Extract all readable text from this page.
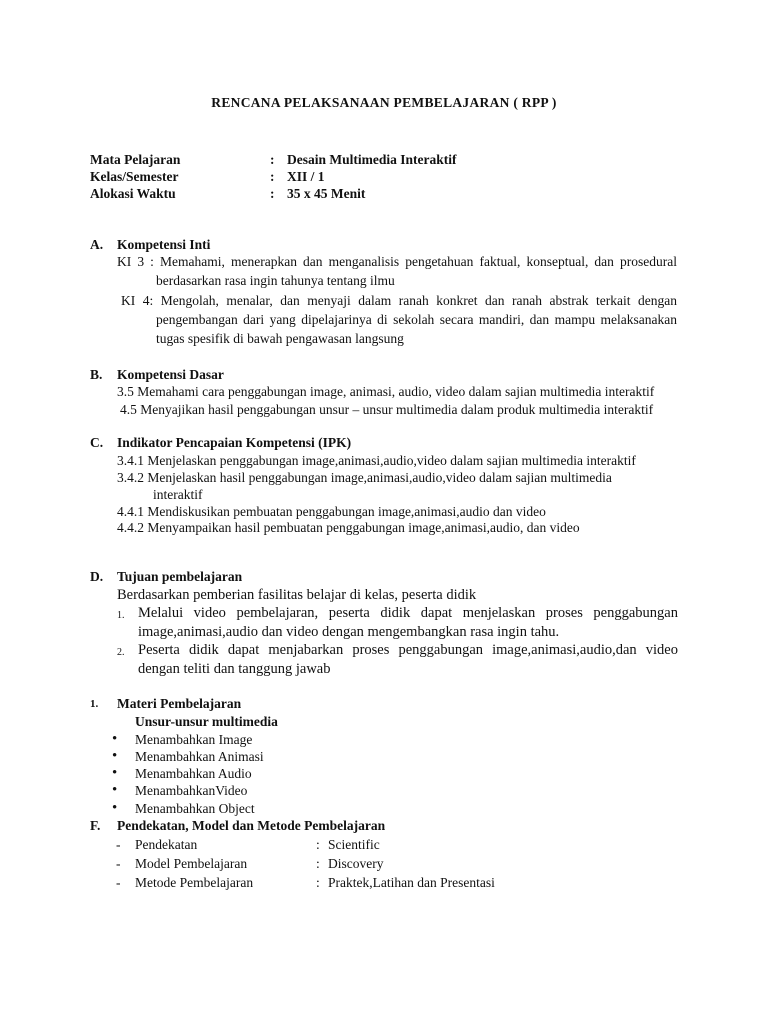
RENCANA PELAKSANAAN PEMBELAJARAN ( RPP )
Mata Pelajaran	: Desain Multimedia Interaktif
Kelas/Semester	: XII / 1
Alokasi Waktu	: 35 x 45 Menit
A. Kompetensi Inti
KI 3 : Memahami, menerapkan dan menganalisis pengetahuan faktual, konseptual, dan prosedural
berdasarkan rasa ingin tahunya tentang ilmu
KI 4: Mengolah, menalar, dan menyaji dalam ranah konkret dan ranah abstrak terkait dengan
pengembangan dari yang dipelajarinya di sekolah secara mandiri, dan mampu melaksanakan
tugas spesifik di bawah pengawasan langsung
B. Kompetensi Dasar
3.5 Memahami cara penggabungan image, animasi, audio, video dalam sajian multimedia interaktif
4.5 Menyajikan hasil penggabungan unsur – unsur multimedia dalam produk multimedia interaktif
C. Indikator Pencapaian Kompetensi (IPK)
3.4.1 Menjelaskan penggabungan image,animasi,audio,video dalam sajian multimedia interaktif
3.4.2 Menjelaskan hasil penggabungan image,animasi,audio,video dalam sajian multimedia
interaktif
4.4.1 Mendiskusikan pembuatan penggabungan image,animasi,audio dan video
4.4.2 Menyampaikan hasil pembuatan penggabungan image,animasi,audio, dan video
D. Tujuan pembelajaran
Berdasarkan pemberian fasilitas belajar di kelas, peserta didik
1. Melalui video pembelajaran, peserta didik dapat menjelaskan proses penggabungan
image,animasi,audio dan video dengan mengembangkan rasa ingin tahu.
2. Peserta didik dapat menjabarkan proses penggabungan image,animasi,audio,dan video
dengan teliti dan tanggung jawab
1. Materi Pembelajaran
Unsur-unsur multimedia
• Menambahkan Image
• Menambahkan Animasi
• Menambahkan Audio
• MenambahkanVideo
• Menambahkan Object
F. Pendekatan, Model dan Metode Pembelajaran
- Pendekatan	: Scientific
- Model Pembelajaran	: Discovery
- Metode Pembelajaran	: Praktek,Latihan dan Presentasi
